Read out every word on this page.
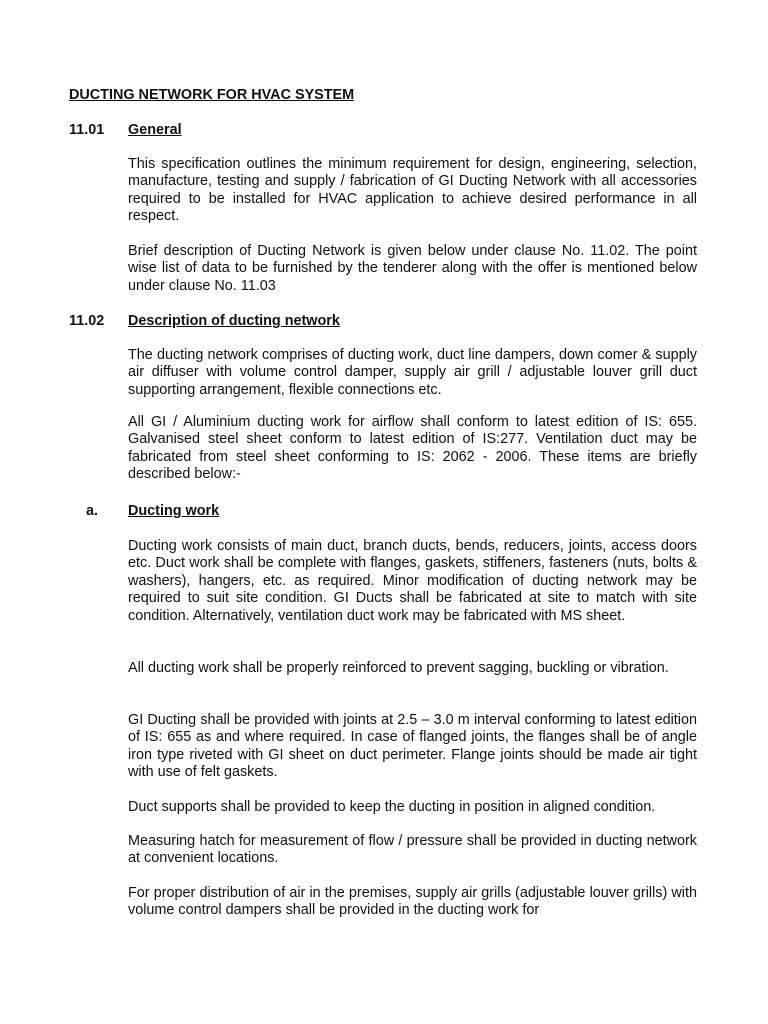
DUCTING NETWORK FOR HVAC SYSTEM
11.01 General

This specification outlines the minimum requirement for design, engineering, selection, manufacture, testing and supply / fabrication of GI Ducting Network with all accessories required to be installed for HVAC application to achieve desired performance in all respect.

Brief description of Ducting Network is given below under clause No. 11.02. The point wise list of data to be furnished by the tenderer along with the offer is mentioned below under clause No. 11.03

11.02 Description of ducting network

The ducting network comprises of ducting work, duct line dampers, down comer & supply air diffuser with volume control damper, supply air grill / adjustable louver grill duct supporting arrangement, flexible connections etc.

All GI / Aluminium ducting work for airflow shall conform to latest edition of IS: 655. Galvanised steel sheet conform to latest edition of IS:277. Ventilation duct may be fabricated from steel sheet conforming to IS: 2062 - 2006. These items are briefly described below:-

a. Ducting work

Ducting work consists of main duct, branch ducts, bends, reducers, joints, access doors etc. Duct work shall be complete with flanges, gaskets, stiffeners, fasteners (nuts, bolts & washers), hangers, etc. as required. Minor modification of ducting network may be required to suit site condition. GI Ducts shall be fabricated at site to match with site condition. Alternatively, ventilation duct work may be fabricated with MS sheet.

All ducting work shall be properly reinforced to prevent sagging, buckling or vibration.

GI Ducting shall be provided with joints at 2.5 – 3.0 m interval conforming to latest edition of IS: 655 as and where required. In case of flanged joints, the flanges shall be of angle iron type riveted with GI sheet on duct perimeter. Flange joints should be made air tight with use of felt gaskets.

Duct supports shall be provided to keep the ducting in position in aligned condition.

Measuring hatch for measurement of flow / pressure shall be provided in ducting network at convenient locations.

For proper distribution of air in the premises, supply air grills (adjustable louver grills) with volume control dampers shall be provided in the ducting work for
